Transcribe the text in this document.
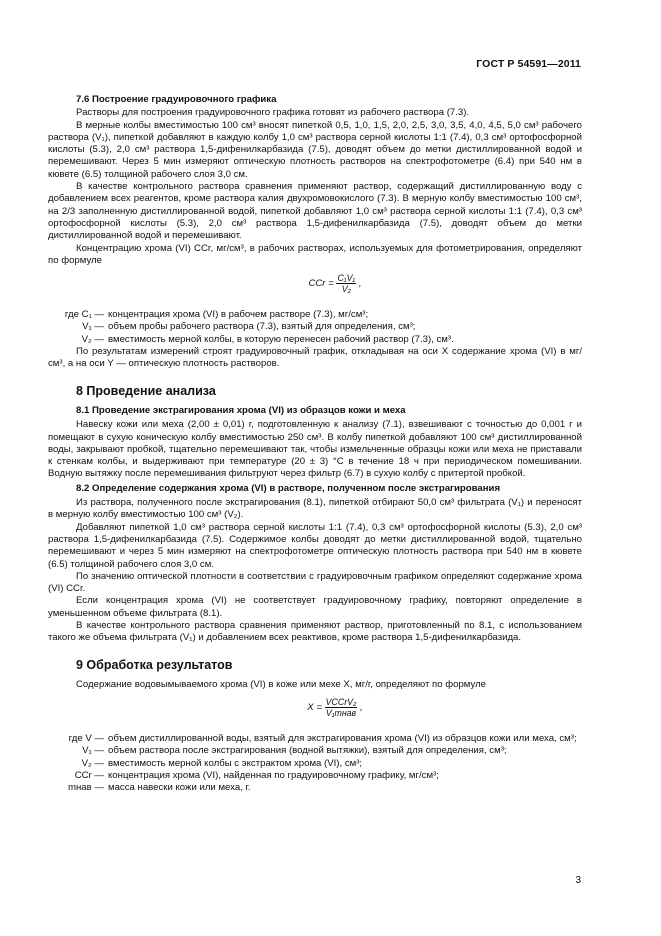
ГОСТ Р 54591—2011
7.6 Построение градуировочного графика

Растворы для построения градуировочного графика готовят из рабочего раствора (7.3).

В мерные колбы вместимостью 100 см³ вносят пипеткой 0,5, 1,0, 1,5, 2,0, 2,5, 3,0, 3,5, 4,0, 4,5, 5,0 см³ рабочего раствора (V₁), пипеткой добавляют в каждую колбу 1,0 см³ раствора серной кислоты 1:1 (7.4), 0,3 см³ ортофосфорной кислоты (5.3), 2,0 см³ раствора 1,5-дифенилкарбазида (7.5), доводят объем до метки дистиллированной водой и перемешивают. Через 5 мин измеряют оптическую плотность растворов на спектрофотометре (6.4) при 540 нм в кювете (6.5) толщиной рабочего слоя 3,0 см.

В качестве контрольного раствора сравнения применяют раствор, содержащий дистиллированную воду с добавлением всех реагентов, кроме раствора калия двухромовокислого (7.3). В мерную колбу вместимостью 100 см³, на 2/3 заполненную дистиллированной водой, пипеткой добавляют 1,0 см³ раствора серной кислоты 1:1 (7.4), 0,3 см³ ортофосфорной кислоты (5.3), 2,0 см³ раствора 1,5-дифенилкарбазида (7.5), доводят объем до метки дистиллированной водой и перемешивают.

Концентрацию хрома (VI) CCr, мг/см³, в рабочих растворах, используемых для фотометрирования, определяют по формуле

CCr = $\frac{\text{C₁V₁}}{\text{V₂}}$ ,
где C₁ — концентрация хрома (VI) в рабочем растворе (7.3), мг/см³;
V₁ — объем пробы рабочего раствора (7.3), взятый для определения, см³;
V₂ — вместимость мерной колбы, в которую перенесен рабочий раствор (7.3), см³.

По результатам измерений строят градуировочный график, откладывая на оси X содержание хрома (VI) в мг/см³, а на оси Y — оптическую плотность растворов.

8 Проведение анализа
8.1 Проведение экстрагирования хрома (VI) из образцов кожи и меха

Навеску кожи или меха (2,00 ± 0,01) г, подготовленную к анализу (7.1), взвешивают с точностью до 0,001 г и помещают в сухую коническую колбу вместимостью 250 см³. В колбу пипеткой добавляют 100 см³ дистиллированной воды, закрывают пробкой, тщательно перемешивают так, чтобы измельченные образцы кожи или меха не приставали к стенкам колбы, и выдерживают при температуре (20 ± 3) °С в течение 18 ч при периодическом помешивании. Водную вытяжку после перемешивания фильтруют через фильтр (6.7) в сухую колбу с притертой пробкой.

8.2 Определение содержания хрома (VI) в растворе, полученном после экстрагирования

Из раствора, полученного после экстрагирования (8.1), пипеткой отбирают 50,0 см³ фильтрата (V₁) и переносят в мерную колбу вместимостью 100 см³ (V₂).

Добавляют пипеткой 1,0 см³ раствора серной кислоты 1:1 (7.4), 0,3 см³ ортофосфорной кислоты (5.3), 2,0 см³ раствора 1,5-дифенилкарбазида (7.5). Содержимое колбы доводят до метки дистиллированной водой, тщательно перемешивают и через 5 мин измеряют на спектрофотометре оптическую плотность раствора при 540 нм в кювете (6.5) толщиной рабочего слоя 3,0 см.

По значению оптической плотности в соответствии с градуировочным графиком определяют содержание хрома (VI) CCr.

Если концентрация хрома (VI) не соответствует градуировочному графику, повторяют определение в уменьшенном объеме фильтрата (8.1).

В качестве контрольного раствора сравнения применяют раствор, приготовленный по 8.1, с использованием такого же объема фильтрата (V₁) и добавлением всех реактивов, кроме раствора 1,5-дифенилкарбазида.

9 Обработка результатов

Содержание водовымываемого хрома (VI) в коже или мехе X, мг/г, определяют по формуле

$X = \frac{\text{VCCrV₂}}{\text{V₁mнав}}$ ,
где V — объем дистиллированной воды, взятый для экстрагирования хрома (VI) из образцов кожи или меха, см³;
V₁ — объем раствора после экстрагирования (водной вытяжки), взятый для определения, см³;
V₂ — вместимость мерной колбы с экстрактом хрома (VI), см³;
CCr — концентрация хрома (VI), найденная по градуировочному графику, мг/см³;
mнав — масса навески кожи или меха, г.
3
